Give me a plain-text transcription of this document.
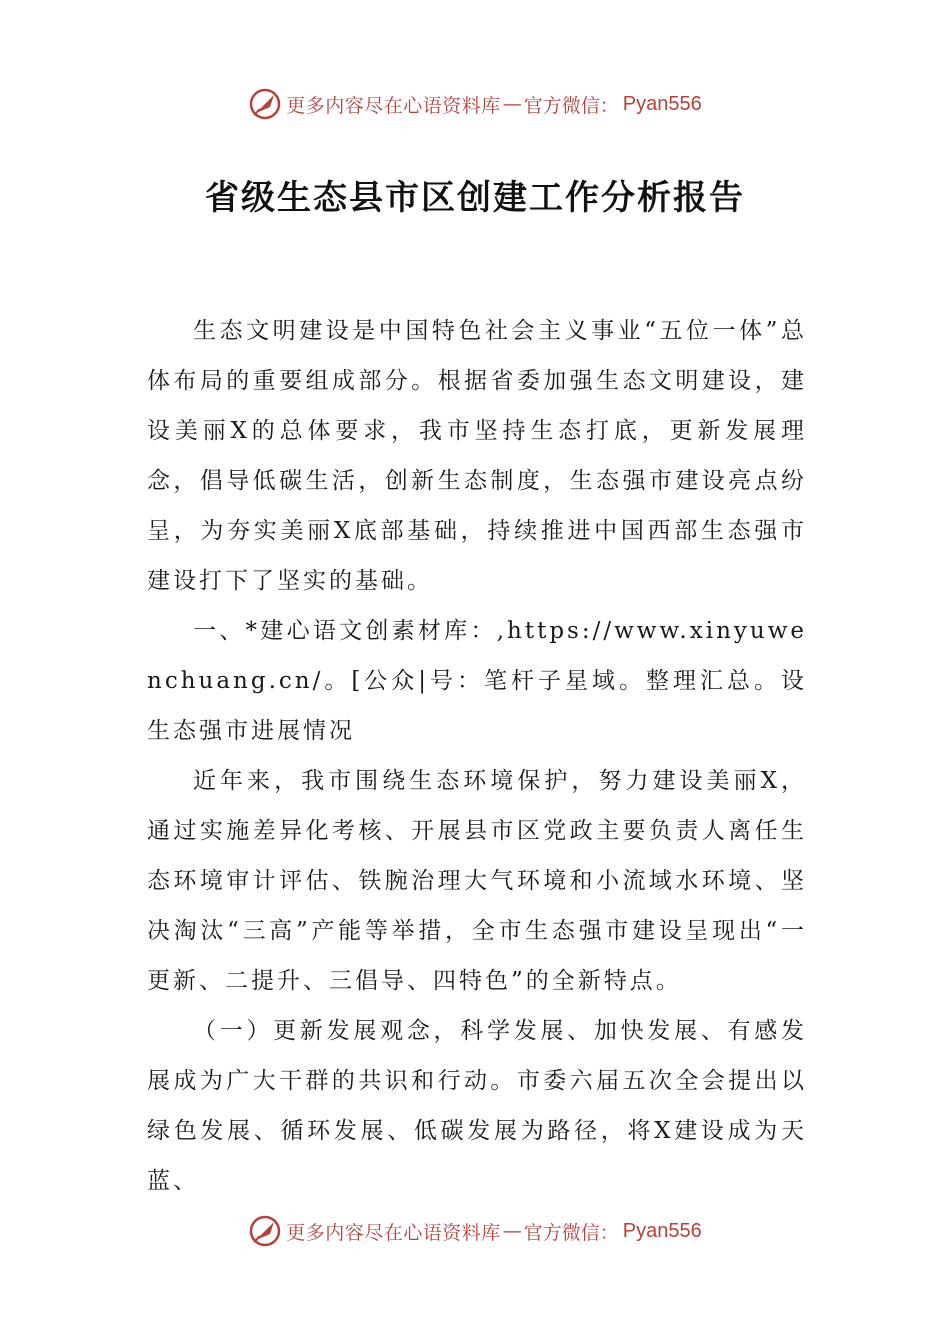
更多内容尽在心语资料库 — 官方微信： Pyan556
省级生态县市区创建工作分析报告

生态文明建设是中国特色社会主义事业“五位一体”总体布局的重要组成部分。根据省委加强生态文明建设，建设美丽X的总体要求，我市坚持生态打底，更新发展理念，倡导低碳生活，创新生态制度，生态强市建设亮点纷呈，为夯实美丽X底部基础，持续推进中国西部生态强市建设打下了坚实的基础。

一、*建心语文创素材库：,https://www.xinyuwenchuang.cn/。[公众|号：笔杆子星域。整理汇总。设生态强市进展情况

近年来，我市围绕生态环境保护，努力建设美丽X，通过实施差异化考核、开展县市区党政主要负责人离任生态环境审计评估、铁腕治理大气环境和小流域水环境、坚决淘汰“三高”产能等举措，全市生态强市建设呈现出“一更新、二提升、三倡导、四特色”的全新特点。

（一）更新发展观念，科学发展、加快发展、有感发展成为广大干群的共识和行动。市委六届五次全会提出以绿色发展、循环发展、低碳发展为路径，将X建设成为天蓝、

更多内容尽在心语资料库 — 官方微信： Pyan556
